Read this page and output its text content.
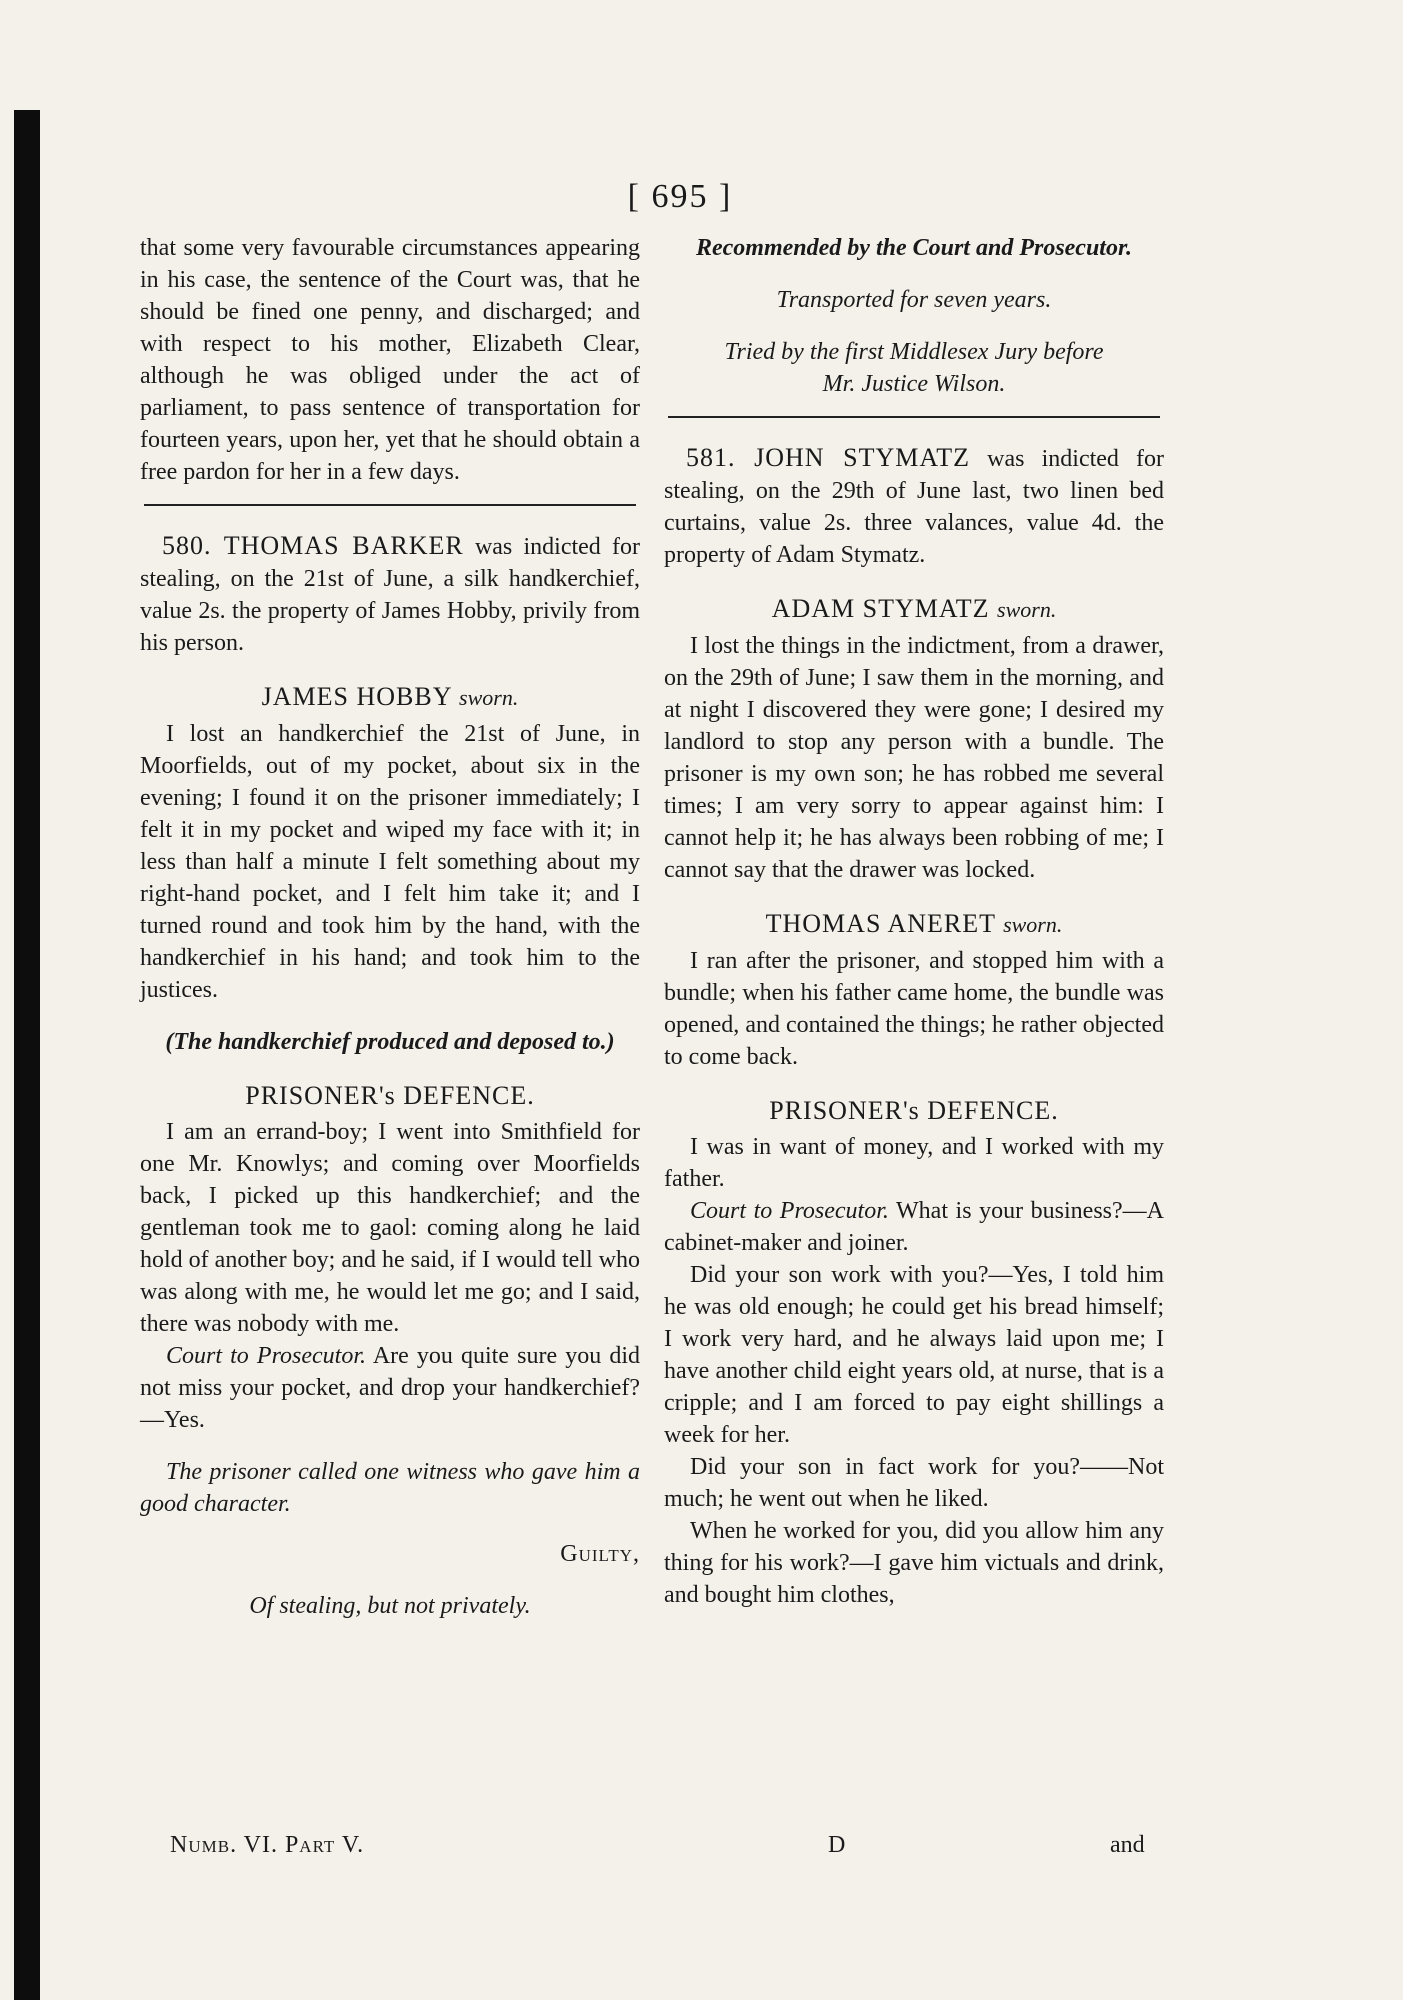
[ 695 ]

that some very favourable circumstances appearing in his case, the sentence of the Court was, that he should be fined one penny, and discharged; and with respect to his mother, Elizabeth Clear, although he was obliged under the act of parliament, to pass sentence of transportation for fourteen years, upon her, yet that he should obtain a free pardon for her in a few days.

580. THOMAS BARKER was indicted for stealing, on the 21st of June, a silk handkerchief, value 2s. the property of James Hobby, privily from his person.

JAMES HOBBY sworn.

I lost an handkerchief the 21st of June, in Moorfields, out of my pocket, about six in the evening; I found it on the prisoner immediately; I felt it in my pocket and wiped my face with it; in less than half a minute I felt something about my right-hand pocket, and I felt him take it; and I turned round and took him by the hand, with the handkerchief in his hand; and took him to the justices.

(The handkerchief produced and deposed to.)

PRISONER's DEFENCE.

I am an errand-boy; I went into Smithfield for one Mr. Knowlys; and coming over Moorfields back, I picked up this handkerchief; and the gentleman took me to gaol: coming along he laid hold of another boy; and he said, if I would tell who was along with me, he would let me go; and I said, there was nobody with me.

Court to Prosecutor. Are you quite sure you did not miss your pocket, and drop your handkerchief?—Yes.

The prisoner called one witness who gave him a good character.

Guilty,

Of stealing, but not privately.

Recommended by the Court and Prosecutor.

Transported for seven years.

Tried by the first Middlesex Jury before

Mr. Justice Wilson.

581. JOHN STYMATZ was indicted for stealing, on the 29th of June last, two linen bed curtains, value 2s. three valances, value 4d. the property of Adam Stymatz.

ADAM STYMATZ sworn.

I lost the things in the indictment, from a drawer, on the 29th of June; I saw them in the morning, and at night I discovered they were gone; I desired my landlord to stop any person with a bundle. The prisoner is my own son; he has robbed me several times; I am very sorry to appear against him: I cannot help it; he has always been robbing of me; I cannot say that the drawer was locked.

THOMAS ANERET sworn.

I ran after the prisoner, and stopped him with a bundle; when his father came home, the bundle was opened, and contained the things; he rather objected to come back.

PRISONER's DEFENCE.

I was in want of money, and I worked with my father.

Court to Prosecutor. What is your business?—A cabinet-maker and joiner.

Did your son work with you?—Yes, I told him he was old enough; he could get his bread himself; I work very hard, and he always laid upon me; I have another child eight years old, at nurse, that is a cripple; and I am forced to pay eight shillings a week for her.

Did your son in fact work for you?——Not much; he went out when he liked.

When he worked for you, did you allow him any thing for his work?—I gave him victuals and drink, and bought him clothes,

Numb. VI. Part V.	D	and
